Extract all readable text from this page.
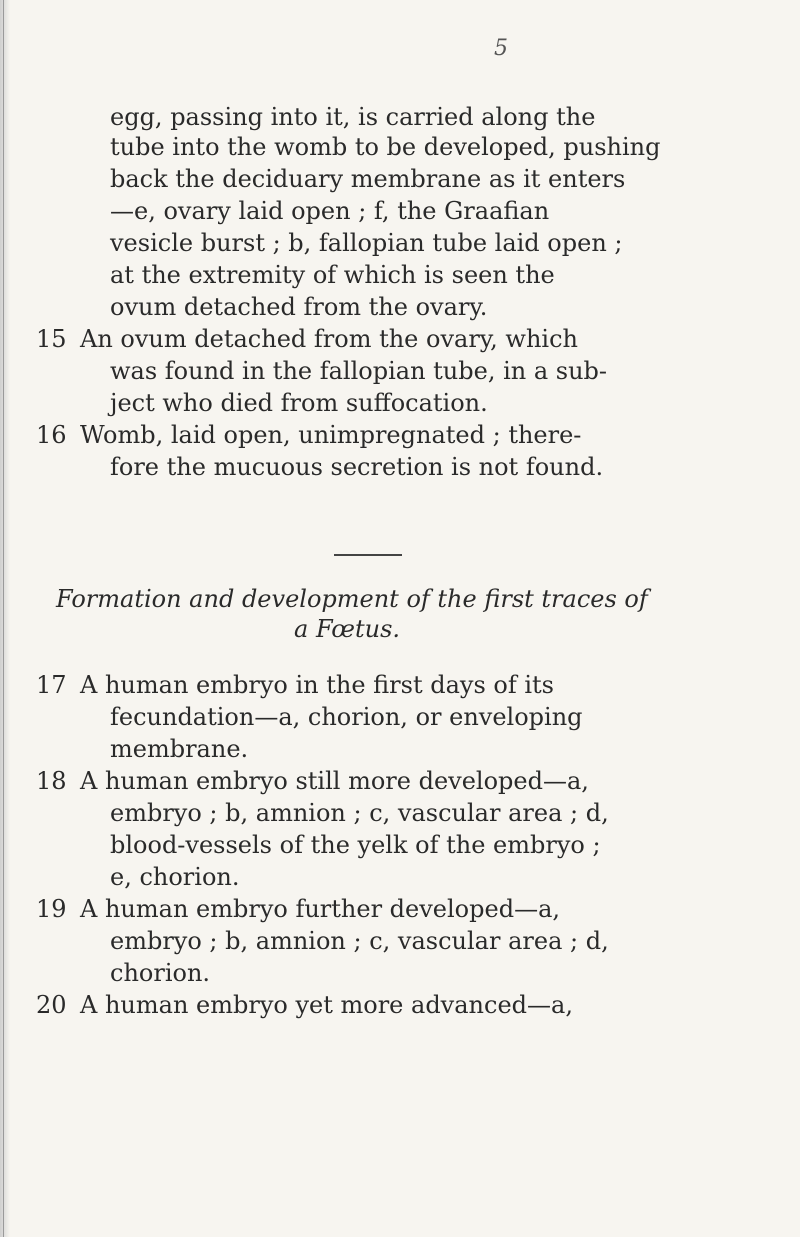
5
egg, passing into it, is carried along the
tube into the womb to be developed, pushing
back the deciduary membrane as it enters
—e, ovary laid open ; f, the Graafian
vesicle burst ; b, fallopian tube laid open ;
at the extremity of which is seen the
ovum detached from the ovary.
15 An ovum detached from the ovary, which
was found in the fallopian tube, in a sub-
ject who died from suffocation.
16 Womb, laid open, unimpregnated ; there-
fore the mucuous secretion is not found.
Formation and development of the first traces of
a Fœtus.
17 A human embryo in the first days of its
fecundation—a, chorion, or enveloping
membrane.
18 A human embryo still more developed—a,
embryo ; b, amnion ; c, vascular area ; d,
blood-vessels of the yelk of the embryo ;
e, chorion.
19 A human embryo further developed—a,
embryo ; b, amnion ; c, vascular area ; d,
chorion.
20 A human embryo yet more advanced—a,
